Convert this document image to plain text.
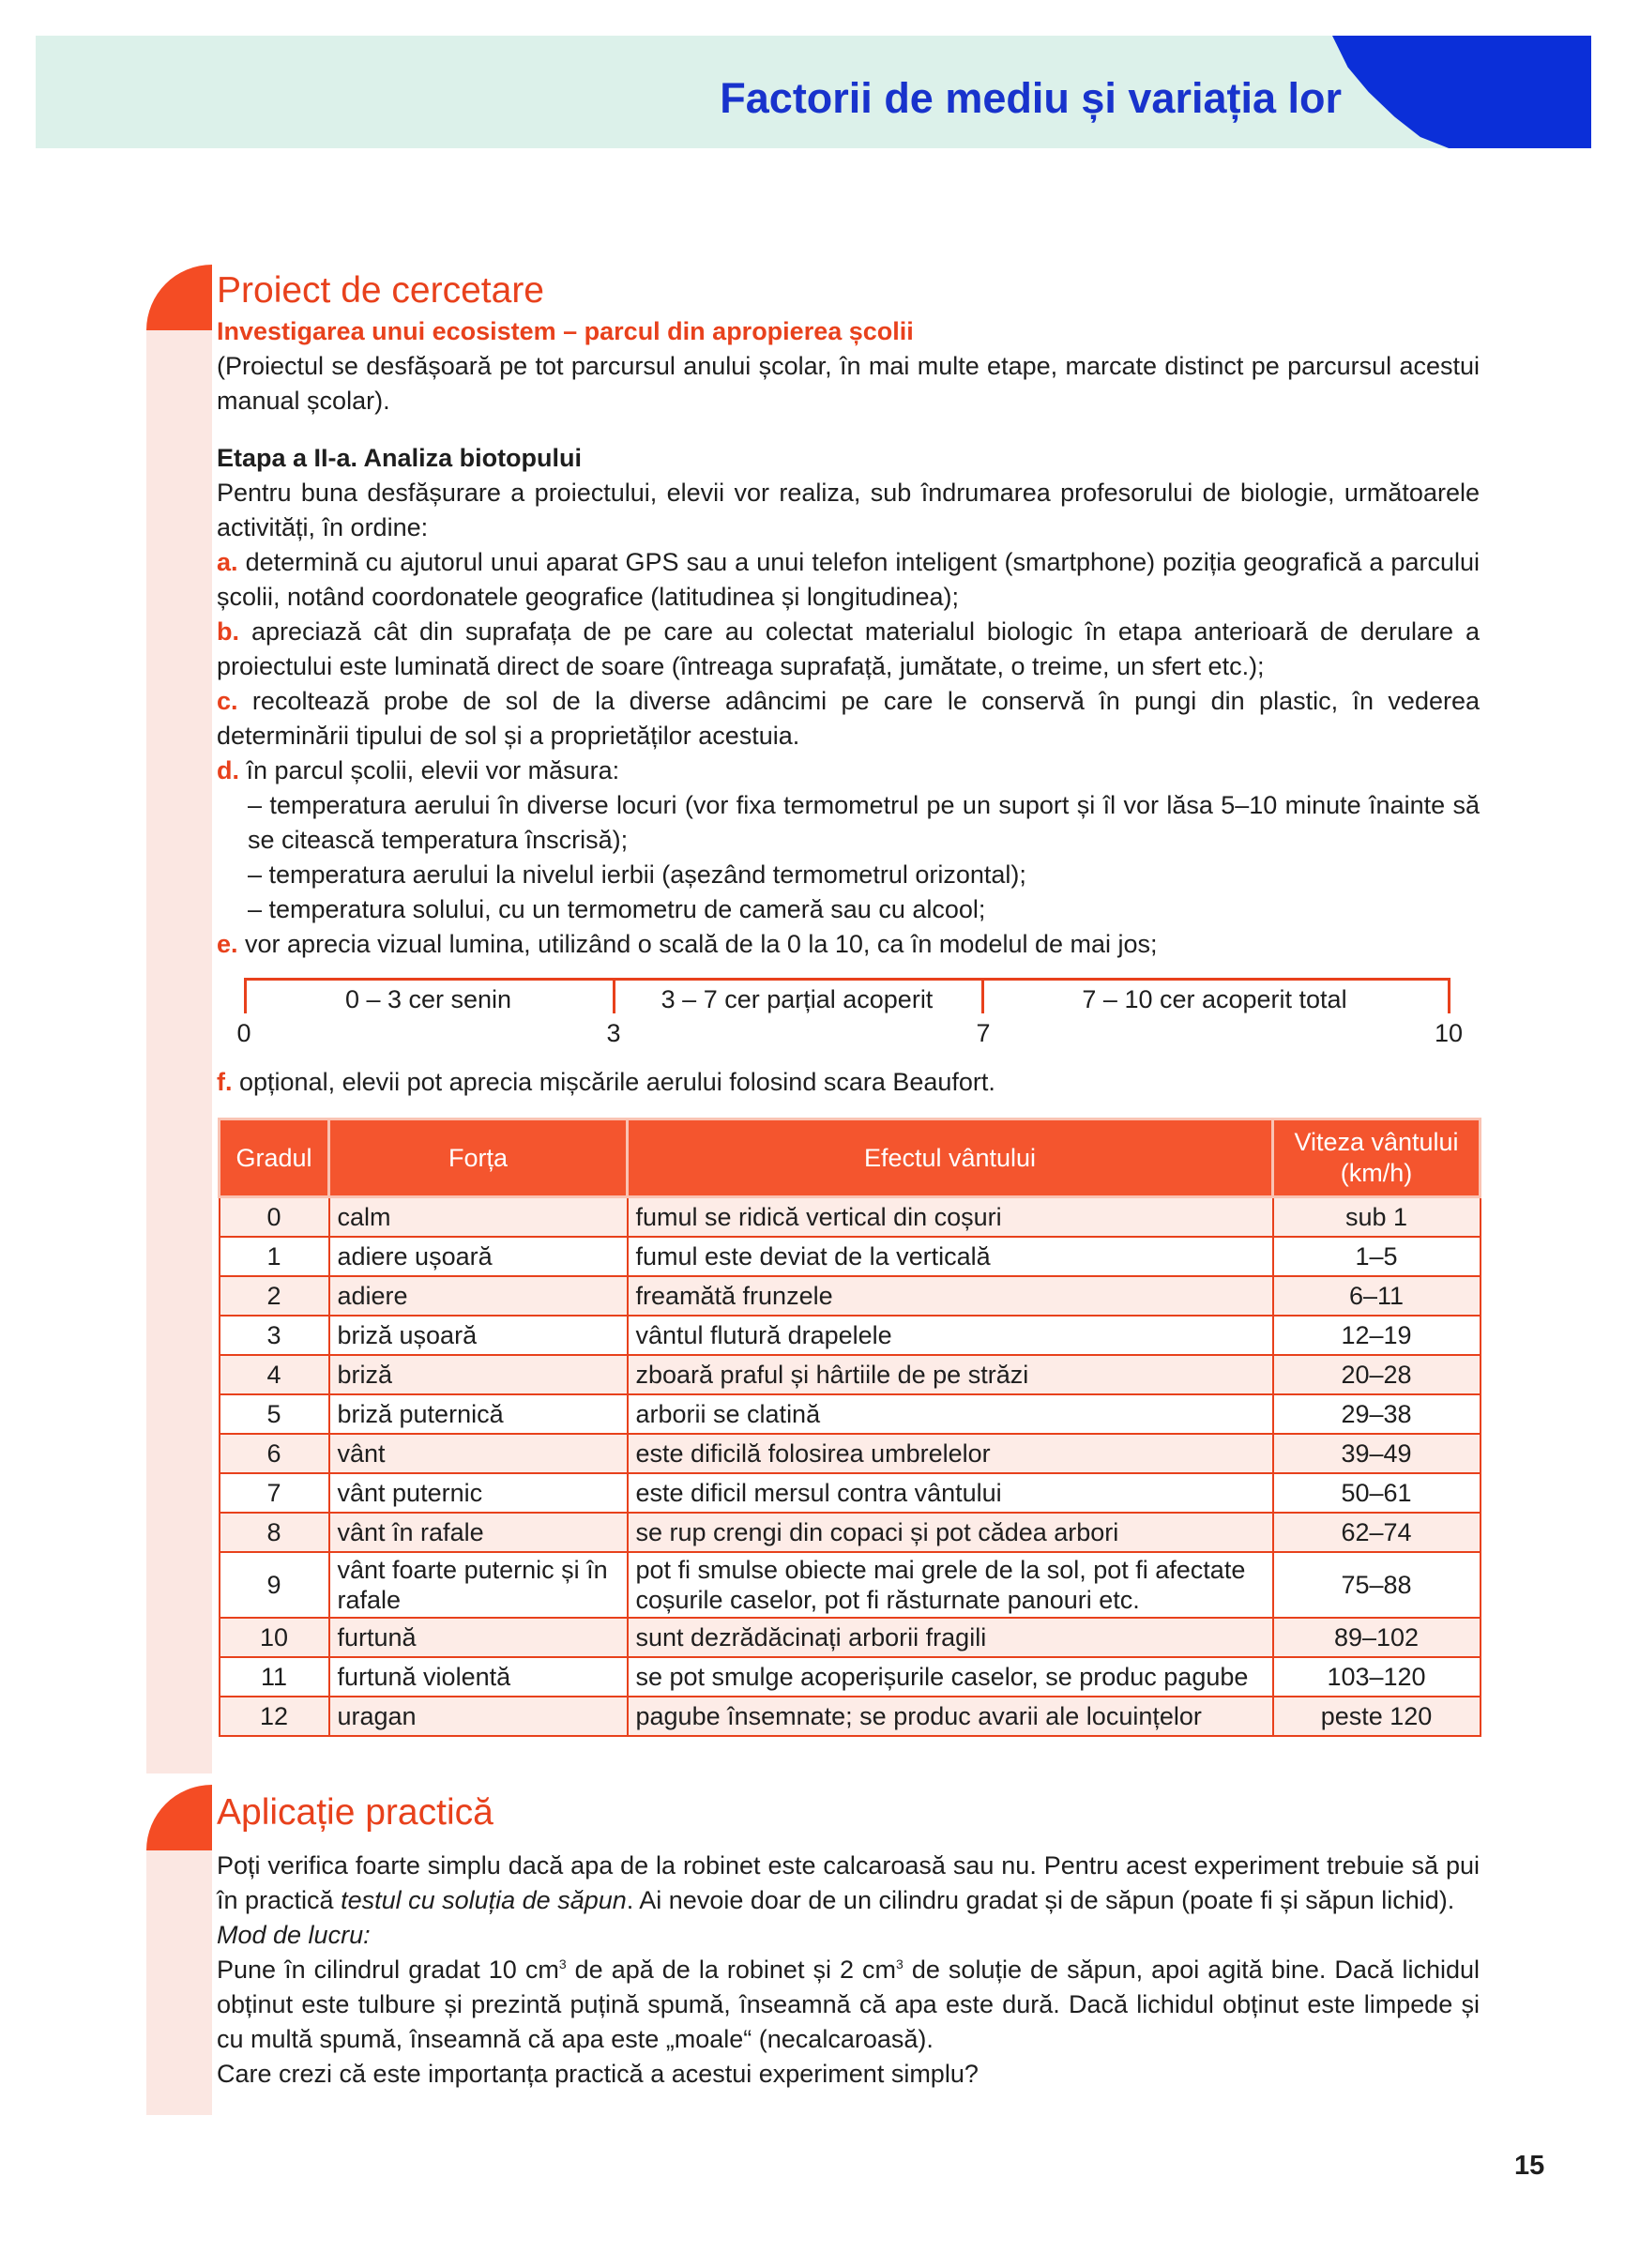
Factorii de mediu și variația lor
Proiect de cercetare
Investigarea unui ecosistem – parcul din apropierea școlii

(Proiectul se desfășoară pe tot parcursul anului școlar, în mai multe etape, marcate distinct pe parcursul acestui manual școlar).

Etapa a II-a. Analiza biotopului

Pentru buna desfășurare a proiectului, elevii vor realiza, sub îndrumarea profesorului de biologie, următoarele activități, în ordine:

a. determină cu ajutorul unui aparat GPS sau a unui telefon inteligent (smartphone) poziția geografică a parcului școlii, notând coordonatele geografice (latitudinea și longitudinea);

b. apreciază cât din suprafața de pe care au colectat materialul biologic în etapa anterioară de derulare a proiectului este luminată direct de soare (întreaga suprafață, jumătate, o treime, un sfert etc.);

c. recoltează probe de sol de la diverse adâncimi pe care le conservă în pungi din plastic, în vederea determinării tipului de sol și a proprietăților acestuia.

d. în parcul școlii, elevii vor măsura:

– temperatura aerului în diverse locuri (vor fixa termometrul pe un suport și îl vor lăsa 5–10 minute înainte să se citească temperatura înscrisă);

– temperatura aerului la nivelul ierbii (așezând termometrul orizontal);

– temperatura solului, cu un termometru de cameră sau cu alcool;

e. vor aprecia vizual lumina, utilizând o scală de la 0 la 10, ca în modelul de mai jos;

0 – 3 cer senin	3 – 7 cer parțial acoperit	7 – 10 cer acoperit total
0	3	7	10

f. opțional, elevii pot aprecia mișcările aerului folosind scara Beaufort.

Gradul	Forța	Efectul vântului	Viteza vântului (km/h)
0	calm	fumul se ridică vertical din coșuri	sub 1
1	adiere ușoară	fumul este deviat de la verticală	1–5
2	adiere	freamătă frunzele	6–11
3	briză ușoară	vântul flutură drapelele	12–19
4	briză	zboară praful și hârtiile de pe străzi	20–28
5	briză puternică	arborii se clatină	29–38
6	vânt	este dificilă folosirea umbrelelor	39–49
7	vânt puternic	este dificil mersul contra vântului	50–61
8	vânt în rafale	se rup crengi din copaci și pot cădea arbori	62–74
9	vânt foarte puternic și în rafale	pot fi smulse obiecte mai grele de la sol, pot fi afectate coșurile caselor, pot fi răsturnate panouri etc.	75–88
10	furtună	sunt dezrădăcinați arborii fragili	89–102
11	furtună violentă	se pot smulge acoperișurile caselor, se produc pagube	103–120
12	uragan	pagube însemnate; se produc avarii ale locuințelor	peste 120
Aplicație practică

Poți verifica foarte simplu dacă apa de la robinet este calcaroasă sau nu. Pentru acest experiment trebuie să pui în practică testul cu soluția de săpun. Ai nevoie doar de un cilindru gradat și de săpun (poate fi și săpun lichid).

Mod de lucru:

Pune în cilindrul gradat 10 $cm^3$ de apă de la robinet și 2 $cm^3$ de soluție de săpun, apoi agită bine. Dacă lichidul obținut este tulbure și prezintă puțină spumă, înseamnă că apa este dură. Dacă lichidul obținut este limpede și cu multă spumă, înseamnă că apa este „moale“ (necalcaroasă).

Care crezi că este importanța practică a acestui experiment simplu?

15
